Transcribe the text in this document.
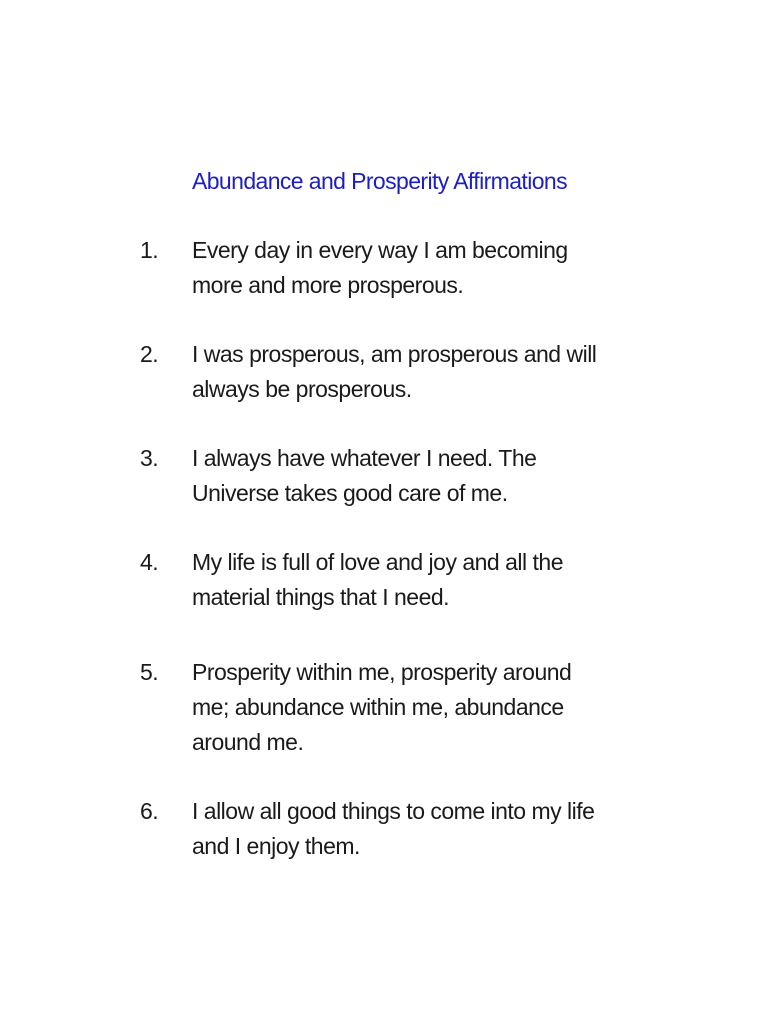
Abundance and Prosperity Affirmations
1.	Every day in every way I am becoming
more and more prosperous.
2.	I was prosperous, am prosperous and will
always be prosperous.
3.	I always have whatever I need. The
Universe takes good care of me.
4.	My life is full of love and joy and all the
material things that I need.
5.	Prosperity within me, prosperity around
me; abundance within me, abundance
around me.
6.	I allow all good things to come into my life
and I enjoy them.
